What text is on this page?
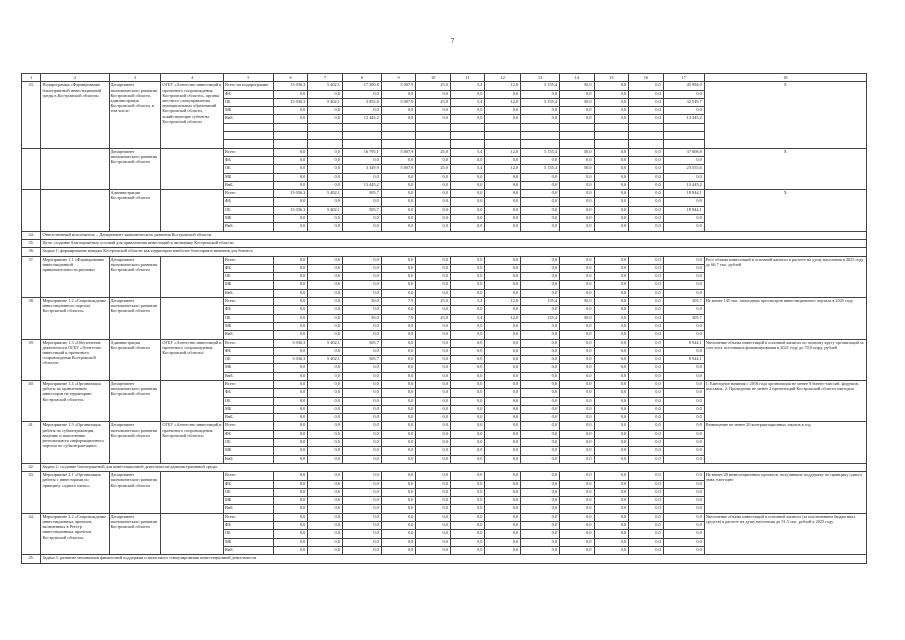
7
1	2	3	4	5	6	7	8	9	10	11	12	13	14	15	16	17	18
33.	Подпрограмма «Формирование благоприятной инвестиционной среды в Костромской области»	Департамент экономического развития Костромской области, администрация Костромской области, в том числе:	ОГБУ «Агентство инвестиций и проектного сопровождения Костромской области», органы местного самоуправления муниципальных образований Костромской области, хозяйствующие субъекты Костромской области	Всего по подпрограмме	13 036,3	5 402,1	17 300,8	5 007,9	25,0	5,4	12,0	5 155,4	50,0	0,0	0,0	45 994,9	X
				ФБ	0,0	0,0	0,0	0,0	0,0	0,0	0,0	0,0	0,0	0,0	0,0	0,0	
				ОБ	13 036,3	5 402,1	3 855,6	5 007,9	25,0	5,4	12,0	5 155,4	50,0	0,0	0,0	32 549,7	
				МБ	0,0	0,0	0,0	0,0	0,0	0,0	0,0	0,0	0,0	0,0	0,0	0,0	
				ВнБ	0,0	0,0	13 445,2	0,0	0,0	0,0	0,0	0,0	0,0	0,0	0,0	13 445,2	

		Департамент экономического развития Костромской области		Всего	0,0	0,0	16 795,1	5 007,9	25,0	5,4	12,0	5 155,4	50,0	0,0	0,0	37 008,8	X
				ФБ	0,0	0,0	0,0	0,0	0,0	0,0	0,0	0,0	0,0	0,0	0,0	0,0	
				ОБ	0,0	0,0	3 349,9	5 007,9	25,0	5,4	12,0	5 155,4	50,0	0,0	0,0	23 555,6	
				МБ	0,0	0,0	0,0	0,0	0,0	0,0	0,0	0,0	0,0	0,0	0,0	0,0	
				ВнБ	0,0	0,0	13 445,2	0,0	0,0	0,0	0,0	0,0	0,0	0,0	0,0	13 445,2	
		Администрация Костромской области		Всего	13 036,3	5 402,1	505,7	0,0	0,0	0,0	0,0	0,0	0,0	0,0	0,0	18 944,1	X
				ФБ	0,0	0,0	0,0	0,0	0,0	0,0	0,0	0,0	0,0	0,0	0,0	0,0	
				ОБ	13 036,3	5 402,1	505,7	0,0	0,0	0,0	0,0	0,0	0,0	0,0	0,0	18 944,1	
				МБ	0,0	0,0	0,0	0,0	0,0	0,0	0,0	0,0	0,0	0,0	0,0	0,0	
				ВнБ	0,0	0,0	0,0	0,0	0,0	0,0	0,0	0,0	0,0	0,0	0,0	0,0	
34.	Ответственный исполнитель – Департамент экономического развития Костромской области																
35.	Цель: создание благоприятных условий для привлечения инвестиций в экономику Костромской области																
36.	Задача 1: формирование имиджа Костромской области как территории наиболее благоприятствования для бизнеса																
37.	Мероприятие 1.1 «Формирование инвестиционной привлекательности региона»	Департамент экономического развития Костромской области		Всего	0,0	0,0	0,0	0,0	0,0	0,0	0,0	0,0	0,0	0,0	0,0	0,0	Рост объема инвестиций в основной капитал в расчете на душу населения в 2025 году до 66,7 тыс. рублей
				ФБ	0,0	0,0	0,0	0,0	0,0	0,0	0,0	0,0	0,0	0,0	0,0	0,0	
				ОБ	0,0	0,0	0,0	0,0	0,0	0,0	0,0	0,0	0,0	0,0	0,0	0,0	
				МБ	0,0	0,0	0,0	0,0	0,0	0,0	0,0	0,0	0,0	0,0	0,0	0,0	
				ВнБ	0,0	0,0	0,0	0,0	0,0	0,0	0,0	0,0	0,0	0,0	0,0	0,0	
38.	Мероприятие 1.2 «Сопровождение инвестиционного портала Костромской области»	Департамент экономического развития Костромской области		Всего	0,0	0,0	50,0	7,9	25,0	5,4	12,0	155,4	50,0	0,0	0,0	305,7	Не менее 145 тыс. ежегодных просмотров инвестиционного портала в 2025 году
				ФБ	0,0	0,0	0,0	0,0	0,0	0,0	0,0	0,0	0,0	0,0	0,0	0,0	
				ОБ	0,0	0,0	50,0	7,9	25,0	5,4	12,0	155,4	50,0	0,0	0,0	305,7	
				МБ	0,0	0,0	0,0	0,0	0,0	0,0	0,0	0,0	0,0	0,0	0,0	0,0	
				ВнБ	0,0	0,0	0,0	0,0	0,0	0,0	0,0	0,0	0,0	0,0	0,0	0,0	
39.	Мероприятие 1.3 «Обеспечение деятельности ОГБУ «Агентство инвестиций и проектного сопровождения Костромской области»	Администрация Костромской области	ОГБУ «Агентство инвестиций и проектного сопровождения Костромской области»	Всего	3 036,3	5 402,1	505,7	0,0	0,0	0,0	0,0	0,0	0,0	0,0	0,0	8 944,1	Увеличение объема инвестиций в основной капитал по полному кругу организаций за счет всех источников финансирования в 2021 году до 70,0 млрд. рублей
				ФБ	0,0	0,0	0,0	0,0	0,0	0,0	0,0	0,0	0,0	0,0	0,0	0,0	
				ОБ	3 036,3	5 402,1	505,7	0,0	0,0	0,0	0,0	0,0	0,0	0,0	0,0	8 944,1	
				МБ	0,0	0,0	0,0	0,0	0,0	0,0	0,0	0,0	0,0	0,0	0,0	0,0	
				ВнБ	0,0	0,0	0,0	0,0	0,0	0,0	0,0	0,0	0,0	0,0	0,0	0,0	
40.	Мероприятие 1.4 «Организация работы по привлечению инвесторов на территорию Костромской области»	Департамент экономического развития Костромской области		Всего	0,0	0,0	0,0	0,0	0,0	0,0	0,0	0,0	0,0	0,0	0,0	0,0	1. Ежегодное начиная с 2018 года организация не менее 8 бизнес-миссий, форумов, выставок. 2. Проведение не менее 2 презентаций Костромской области ежегодно
				ФБ	0,0	0,0	0,0	0,0	0,0	0,0	0,0	0,0	0,0	0,0	0,0	0,0	
				ОБ	0,0	0,0	0,0	0,0	0,0	0,0	0,0	0,0	0,0	0,0	0,0	0,0	
				МБ	0,0	0,0	0,0	0,0	0,0	0,0	0,0	0,0	0,0	0,0	0,0	0,0	
				ВнБ	0,0	0,0	0,0	0,0	0,0	0,0	0,0	0,0	0,0	0,0	0,0	0,0	
41.	Мероприятие 1.5 «Организация работы по субконтрактации, ведению и наполнению регионального информационного портала по субконтрактации»	Департамент экономического развития Костромской области	ОГБУ «Агентство инвестиций и проектного сопровождения Костромской области»	Всего	0,0	0,0	0,0	0,0	0,0	0,0	0,0	0,0	0,0	0,0	0,0	0,0	Размещение не менее 20 контрактационных заказов в год
				ФБ	0,0	0,0	0,0	0,0	0,0	0,0	0,0	0,0	0,0	0,0	0,0	0,0	
				ОБ	0,0	0,0	0,0	0,0	0,0	0,0	0,0	0,0	0,0	0,0	0,0	0,0	
				МБ	0,0	0,0	0,0	0,0	0,0	0,0	0,0	0,0	0,0	0,0	0,0	0,0	
				ВнБ	0,0	0,0	0,0	0,0	0,0	0,0	0,0	0,0	0,0	0,0	0,0	0,0	
42.	Задача 2: создание благоприятной для инвестиционной деятельности административной среды																
43.	Мероприятие 2.1 «Организация работы с инвесторами по принципу «одного окна»»	Департамент экономического развития Костромской области		Всего	0,0	0,0	0,0	0,0	0,0	0,0	0,0	0,0	0,0	0,0	0,0	0,0	Не менее 20 инвестиционных проектов, получивших поддержку по принципу одного окна, ежегодно
				ФБ	0,0	0,0	0,0	0,0	0,0	0,0	0,0	0,0	0,0	0,0	0,0	0,0	
				ОБ	0,0	0,0	0,0	0,0	0,0	0,0	0,0	0,0	0,0	0,0	0,0	0,0	
				МБ	0,0	0,0	0,0	0,0	0,0	0,0	0,0	0,0	0,0	0,0	0,0	0,0	
				ВнБ	0,0	0,0	0,0	0,0	0,0	0,0	0,0	0,0	0,0	0,0	0,0	0,0	
44.	Мероприятие 2.2 «Сопровождение инвестиционных проектов, включенных в Реестр инвестиционных проектов Костромской области»	Департамент экономического развития Костромской области		Всего	0,0	0,0	0,0	0,0	0,0	0,0	0,0	0,0	0,0	0,0	0,0	0,0	Увеличение объема инвестиций в основной капитал (за исключением бюджетных средств) в расчете на душу населения до 51,5 тыс. рублей к 2025 году
				ФБ	0,0	0,0	0,0	0,0	0,0	0,0	0,0	0,0	0,0	0,0	0,0	0,0	
				ОБ	0,0	0,0	0,0	0,0	0,0	0,0	0,0	0,0	0,0	0,0	0,0	0,0	
				МБ	0,0	0,0	0,0	0,0	0,0	0,0	0,0	0,0	0,0	0,0	0,0	0,0	
				ВнБ	0,0	0,0	0,0	0,0	0,0	0,0	0,0	0,0	0,0	0,0	0,0	0,0	
45.	Задача 3: развитие механизмов финансовой поддержки и налогового стимулирования инвестиционной деятельности																
